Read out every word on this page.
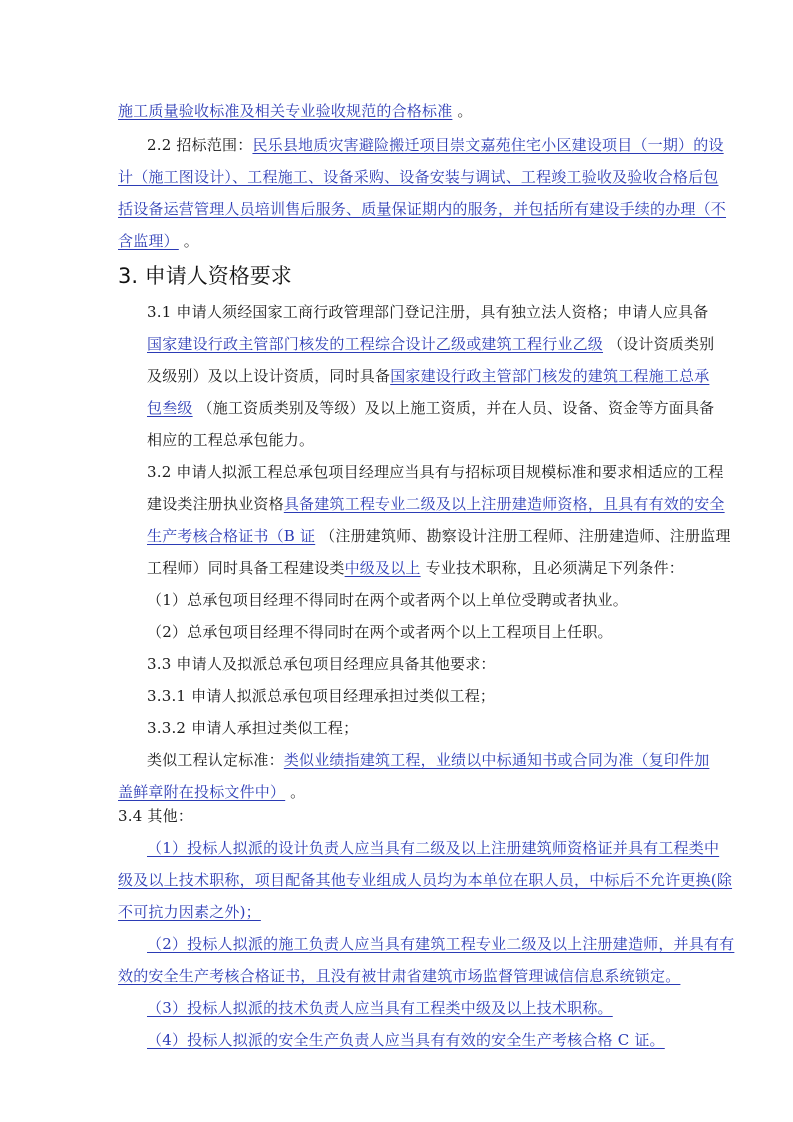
施工质量验收标准及相关专业验收规范的合格标准 。
2.2 招标范围：民乐县地质灾害避险搬迁项目崇文嘉苑住宅小区建设项目（一期）的设
计（施工图设计）、工程施工、设备采购、设备安装与调试、工程竣工验收及验收合格后包
括设备运营管理人员培训售后服务、质量保证期内的服务，并包括所有建设手续的办理（不
含监理） 。
3. 申请人资格要求
3.1 申请人须经国家工商行政管理部门登记注册，具有独立法人资格；申请人应具备
国家建设行政主管部门核发的工程综合设计乙级或建筑工程行业乙级 （设计资质类别
及级别）及以上设计资质，同时具备国家建设行政主管部门核发的建筑工程施工总承
包叁级 （施工资质类别及等级）及以上施工资质，并在人员、设备、资金等方面具备
相应的工程总承包能力。
3.2 申请人拟派工程总承包项目经理应当具有与招标项目规模标准和要求相适应的工程
建设类注册执业资格具备建筑工程专业二级及以上注册建造师资格，且具有有效的安全
生产考核合格证书（B 证 （注册建筑师、勘察设计注册工程师、注册建造师、注册监理
工程师）同时具备工程建设类中级及以上 专业技术职称，且必须满足下列条件：
（1）总承包项目经理不得同时在两个或者两个以上单位受聘或者执业。
（2）总承包项目经理不得同时在两个或者两个以上工程项目上任职。
3.3 申请人及拟派总承包项目经理应具备其他要求：
3.3.1 申请人拟派总承包项目经理承担过类似工程；
3.3.2 申请人承担过类似工程；
类似工程认定标准：类似业绩指建筑工程，业绩以中标通知书或合同为准（复印件加
盖鲜章附在投标文件中） 。
3.4 其他：
（1）投标人拟派的设计负责人应当具有二级及以上注册建筑师资格证并具有工程类中
级及以上技术职称，项目配备其他专业组成人员均为本单位在职人员，中标后不允许更换(除
不可抗力因素之外)；
（2）投标人拟派的施工负责人应当具有建筑工程专业二级及以上注册建造师，并具有有
效的安全生产考核合格证书，且没有被甘肃省建筑市场监督管理诚信信息系统锁定。
（3）投标人拟派的技术负责人应当具有工程类中级及以上技术职称。
（4）投标人拟派的安全生产负责人应当具有有效的安全生产考核合格 C 证。
